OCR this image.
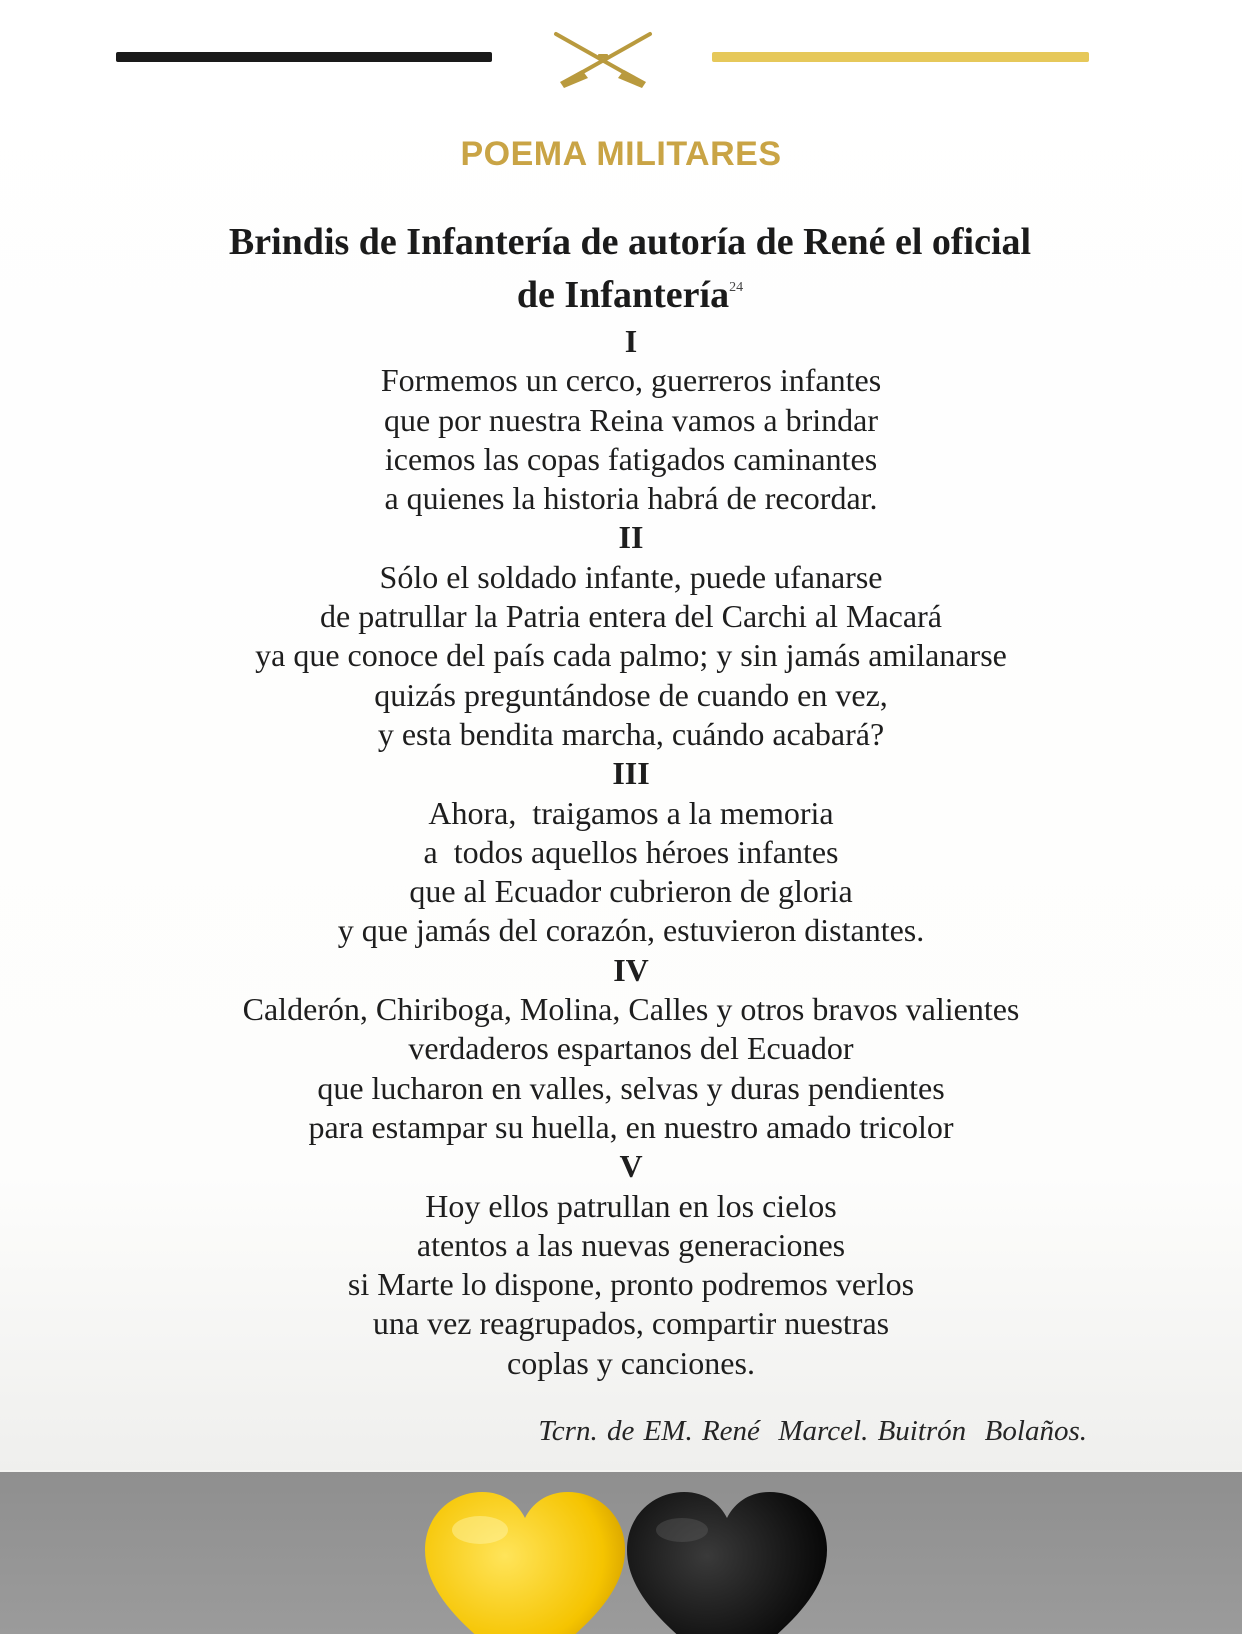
POEMA MILITARES
Brindis de Infantería de autoría de René el oficial
de Infantería$^{24}$
I
Formemos un cerco, guerreros infantes
que por nuestra Reina vamos a brindar
icemos las copas fatigados caminantes
a quienes la historia habrá de recordar.
II
Sólo el soldado infante, puede ufanarse
de patrullar la Patria entera del Carchi al Macará
ya que conoce del país cada palmo; y sin jamás amilanarse
quizás preguntándose de cuando en vez,
y esta bendita marcha, cuándo acabará?
III
Ahora,  traigamos a la memoria
a  todos aquellos héroes infantes
que al Ecuador cubrieron de gloria
y que jamás del corazón, estuvieron distantes.
IV
Calderón, Chiriboga, Molina, Calles y otros bravos valientes
verdaderos espartanos del Ecuador
que lucharon en valles, selvas y duras pendientes
para estampar su huella, en nuestro amado tricolor
V
Hoy ellos patrullan en los cielos
atentos a las nuevas generaciones
si Marte lo dispone, pronto podremos verlos
una vez reagrupados, compartir nuestras
coplas y canciones.
Tcrn. de EM. René  Marcel. Buitrón  Bolaños.
